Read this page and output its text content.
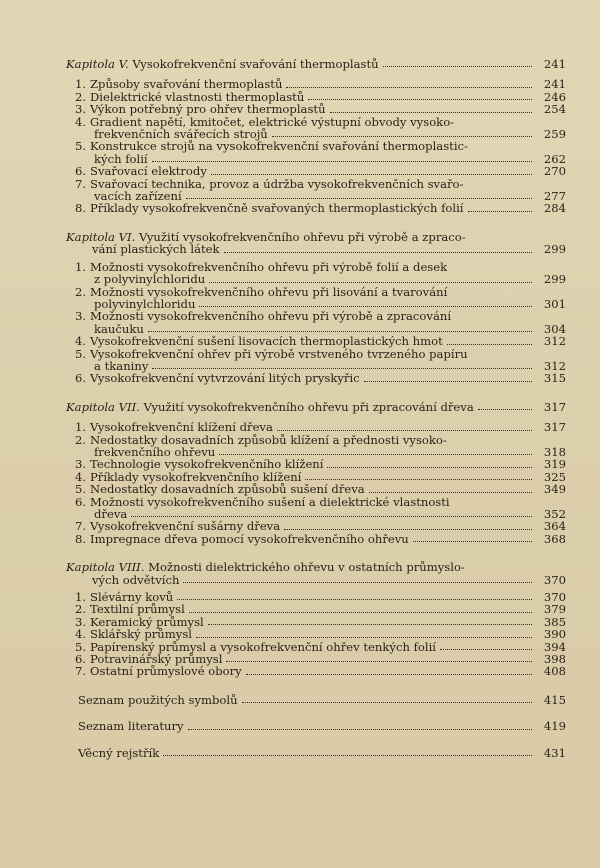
Kapitola V. Vysokofrekvenční svařování thermoplastů	241
1. Způsoby svařování thermoplastů	241
2. Dielektrické vlastnosti thermoplastů	246
3. Výkon potřebný pro ohřev thermoplastů	254
4. Gradient napětí, kmitočet, elektrické výstupní obvody vysoko-
frekvenčních svářecích strojů	259
5. Konstrukce strojů na vysokofrekvenční svařování thermoplastic-
kých folií	262
6. Svařovací elektrody	270
7. Svařovací technika, provoz a údržba vysokofrekvenčních svařo-
vacích zařízení	277
8. Příklady vysokofrekvenčně svařovaných thermoplastických folií	284
Kapitola VI. Využití vysokofrekvenčního ohřevu při výrobě a zpraco-
vání plastických látek	299
1. Možnosti vysokofrekvenčního ohřevu při výrobě folií a desek
z polyvinylchloridu	299
2. Možnosti vysokofrekvenčního ohřevu při lisování a tvarování
polyvinylchloridu	301
3. Možnosti vysokofrekvenčního ohřevu při výrobě a zpracování
kaučuku	304
4. Vysokofrekvenční sušení lisovacích thermoplastických hmot	312
5. Vysokofrekvenční ohřev při výrobě vrstveného tvrzeného papíru
a tkaniny	312
6. Vysokofrekvenční vytvrzování litých pryskyřic	315
Kapitola VII. Využití vysokofrekvenčního ohřevu při zpracování dřeva	317
1. Vysokofrekvenční klížení dřeva	317
2. Nedostatky dosavadních způsobů klížení a přednosti vysoko-
frekvenčního ohřevu	318
3. Technologie vysokofrekvenčního klížení	319
4. Příklady vysokofrekvenčního klížení	325
5. Nedostatky dosavadních způsobů sušení dřeva	349
6. Možnosti vysokofrekvenčního sušení a dielektrické vlastnosti
dřeva	352
7. Vysokofrekvenční sušárny dřeva	364
8. Impregnace dřeva pomocí vysokofrekvenčního ohřevu	368
Kapitola VIII. Možnosti dielektrického ohřevu v ostatních průmyslo-
vých odvětvích	370
1. Slévárny kovů	370
2. Textilní průmysl	379
3. Keramický průmysl	385
4. Sklářský průmysl	390
5. Papírenský průmysl a vysokofrekvenční ohřev tenkých folií	394
6. Potravinářský průmysl	398
7. Ostatní průmyslové obory	408
Seznam použitých symbolů	415
Seznam literatury	419
Věcný rejstřík	431
